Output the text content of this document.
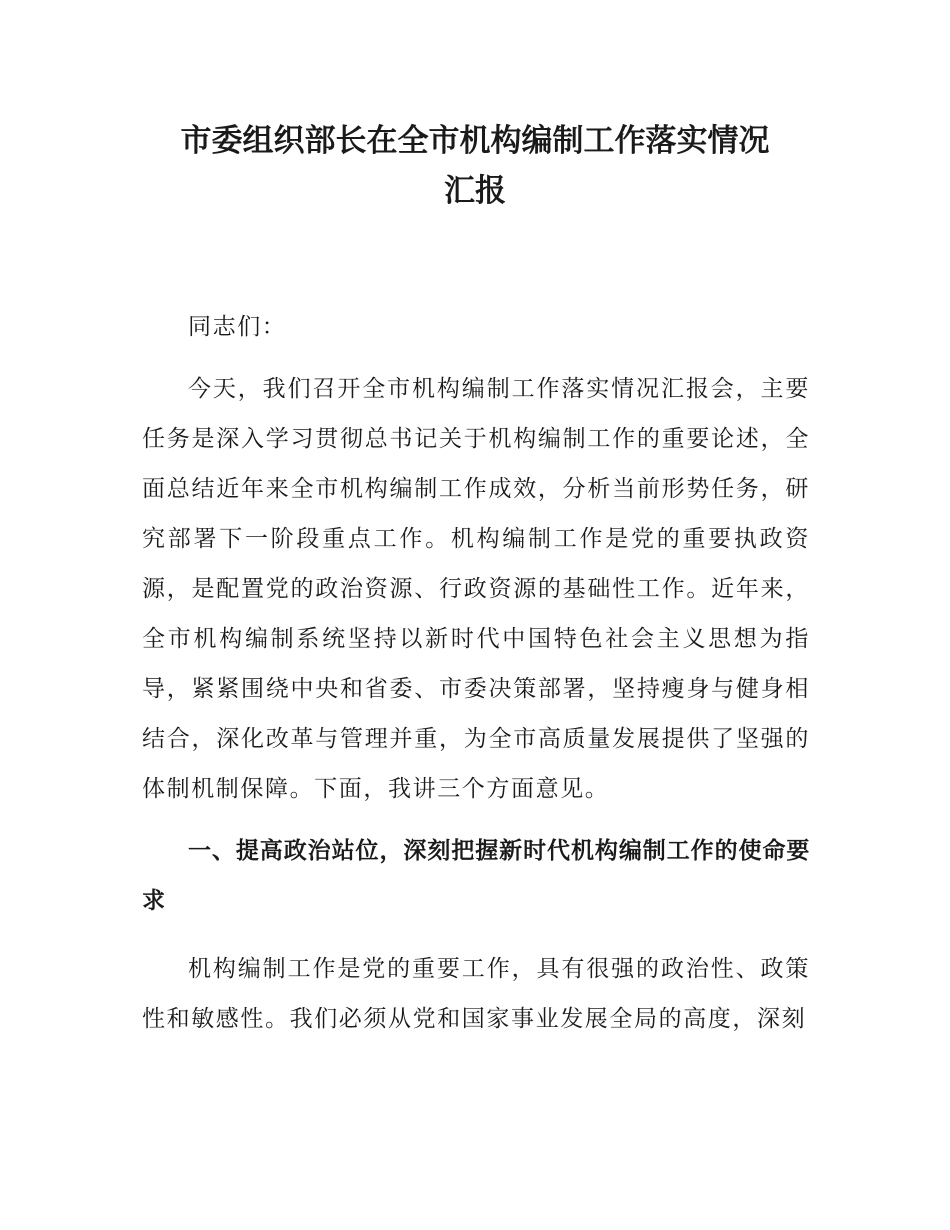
市委组织部长在全市机构编制工作落实情况
汇报

同志们：

今天，我们召开全市机构编制工作落实情况汇报会，主要任务是深入学习贯彻总书记关于机构编制工作的重要论述，全面总结近年来全市机构编制工作成效，分析当前形势任务，研究部署下一阶段重点工作。机构编制工作是党的重要执政资源，是配置党的政治资源、行政资源的基础性工作。近年来，全市机构编制系统坚持以新时代中国特色社会主义思想为指导，紧紧围绕中央和省委、市委决策部署，坚持瘦身与健身相结合，深化改革与管理并重，为全市高质量发展提供了坚强的体制机制保障。下面，我讲三个方面意见。

一、提高政治站位，深刻把握新时代机构编制工作的使命要求

机构编制工作是党的重要工作，具有很强的政治性、政策性和敏感性。我们必须从党和国家事业发展全局的高度，深刻
